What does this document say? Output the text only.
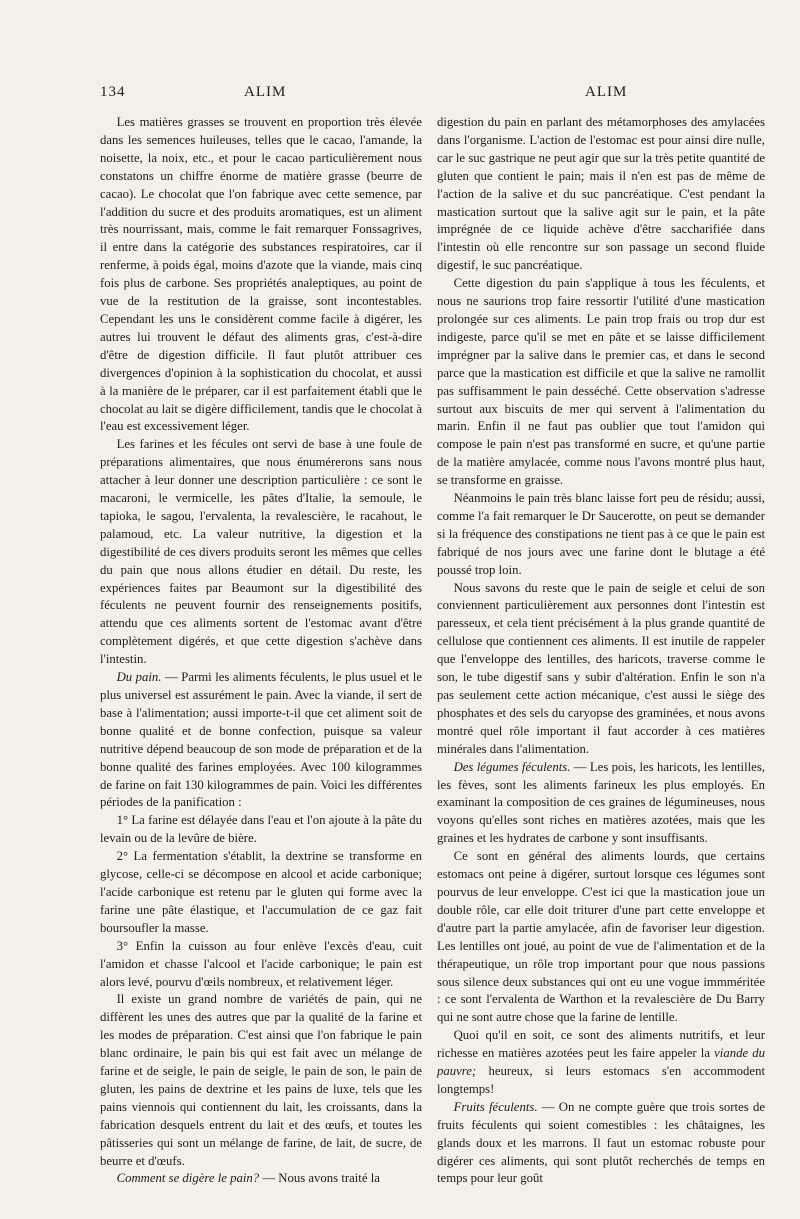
134	ALIM	ALIM

Les matières grasses se trouvent en proportion très élevée dans les semences huileuses, telles que le cacao, l'amande, la noisette, la noix, etc., et pour le cacao particulièrement nous constatons un chiffre énorme de matière grasse (beurre de cacao). Le chocolat que l'on fabrique avec cette semence, par l'addition du sucre et des produits aromatiques, est un aliment très nourrissant, mais, comme le fait remarquer Fonssagrives, il entre dans la catégorie des substances respiratoires, car il renferme, à poids égal, moins d'azote que la viande, mais cinq fois plus de carbone. Ses propriétés analeptiques, au point de vue de la restitution de la graisse, sont incontestables. Cependant les uns le considèrent comme facile à digérer, les autres lui trouvent le défaut des aliments gras, c'est-à-dire d'être de digestion difficile. Il faut plutôt attribuer ces divergences d'opinion à la sophistication du chocolat, et aussi à la manière de le préparer, car il est parfaitement établi que le chocolat au lait se digère difficilement, tandis que le chocolat à l'eau est excessivement léger.

Les farines et les fécules ont servi de base à une foule de préparations alimentaires, que nous énumérerons sans nous attacher à leur donner une description particulière : ce sont le macaroni, le vermicelle, les pâtes d'Italie, la semoule, le tapioka, le sagou, l'ervalenta, la revalescière, le racahout, le palamoud, etc. La valeur nutritive, la digestion et la digestibilité de ces divers produits seront les mêmes que celles du pain que nous allons étudier en détail. Du reste, les expériences faites par Beaumont sur la digestibilité des féculents ne peuvent fournir des renseignements positifs, attendu que ces aliments sortent de l'estomac avant d'être complètement digérés, et que cette digestion s'achève dans l'intestin.

Du pain. — Parmi les aliments féculents, le plus usuel et le plus universel est assurément le pain. Avec la viande, il sert de base à l'alimentation; aussi importe-t-il que cet aliment soit de bonne qualité et de bonne confection, puisque sa valeur nutritive dépend beaucoup de son mode de préparation et de la bonne qualité des farines employées. Avec 100 kilogrammes de farine on fait 130 kilogrammes de pain. Voici les différentes périodes de la panification :

1° La farine est délayée dans l'eau et l'on ajoute à la pâte du levain ou de la levûre de bière.

2° La fermentation s'établit, la dextrine se transforme en glycose, celle-ci se décompose en alcool et acide carbonique; l'acide carbonique est retenu par le gluten qui forme avec la farine une pâte élastique, et l'accumulation de ce gaz fait boursoufler la masse.

3° Enfin la cuisson au four enlève l'excès d'eau, cuit l'amidon et chasse l'alcool et l'acide carbonique; le pain est alors levé, pourvu d'œils nombreux, et relativement léger.

Il existe un grand nombre de variétés de pain, qui ne diffèrent les unes des autres que par la qualité de la farine et les modes de préparation. C'est ainsi que l'on fabrique le pain blanc ordinaire, le pain bis qui est fait avec un mélange de farine et de seigle, le pain de seigle, le pain de son, le pain de gluten, les pains de dextrine et les pains de luxe, tels que les pains viennois qui contiennent du lait, les croissants, dans la fabrication desquels entrent du lait et des œufs, et toutes les pâtisseries qui sont un mélange de farine, de lait, de sucre, de beurre et d'œufs.

Comment se digère le pain? — Nous avons traité la

digestion du pain en parlant des métamorphoses des amylacées dans l'organisme. L'action de l'estomac est pour ainsi dire nulle, car le suc gastrique ne peut agir que sur la très petite quantité de gluten que contient le pain; mais il n'en est pas de même de l'action de la salive et du suc pancréatique. C'est pendant la mastication surtout que la salive agit sur le pain, et la pâte imprégnée de ce liquide achève d'être saccharifiée dans l'intestin où elle rencontre sur son passage un second fluide digestif, le suc pancréatique.

Cette digestion du pain s'applique à tous les féculents, et nous ne saurions trop faire ressortir l'utilité d'une mastication prolongée sur ces aliments. Le pain trop frais ou trop dur est indigeste, parce qu'il se met en pâte et se laisse difficilement imprégner par la salive dans le premier cas, et dans le second parce que la mastication est difficile et que la salive ne ramollit pas suffisamment le pain desséché. Cette observation s'adresse surtout aux biscuits de mer qui servent à l'alimentation du marin. Enfin il ne faut pas oublier que tout l'amidon qui compose le pain n'est pas transformé en sucre, et qu'une partie de la matière amylacée, comme nous l'avons montré plus haut, se transforme en graisse.

Néanmoins le pain très blanc laisse fort peu de résidu; aussi, comme l'a fait remarquer le Dr Saucerotte, on peut se demander si la fréquence des constipations ne tient pas à ce que le pain est fabriqué de nos jours avec une farine dont le blutage a été poussé trop loin.

Nous savons du reste que le pain de seigle et celui de son conviennent particulièrement aux personnes dont l'intestin est paresseux, et cela tient précisément à la plus grande quantité de cellulose que contiennent ces aliments. Il est inutile de rappeler que l'enveloppe des lentilles, des haricots, traverse comme le son, le tube digestif sans y subir d'altération. Enfin le son n'a pas seulement cette action mécanique, c'est aussi le siège des phosphates et des sels du caryopse des graminées, et nous avons montré quel rôle important il faut accorder à ces matières minérales dans l'alimentation.

Des légumes féculents. — Les pois, les haricots, les lentilles, les fèves, sont les aliments farineux les plus employés. En examinant la composition de ces graines de légumineuses, nous voyons qu'elles sont riches en matières azotées, mais que les graines et les hydrates de carbone y sont insuffisants.

Ce sont en général des aliments lourds, que certains estomacs ont peine à digérer, surtout lorsque ces légumes sont pourvus de leur enveloppe. C'est ici que la mastication joue un double rôle, car elle doit triturer d'une part cette enveloppe et d'autre part la partie amylacée, afin de favoriser leur digestion. Les lentilles ont joué, au point de vue de l'alimentation et de la thérapeutique, un rôle trop important pour que nous passions sous silence deux substances qui ont eu une vogue immméritée : ce sont l'ervalenta de Warthon et la revalescière de Du Barry qui ne sont autre chose que la farine de lentille.

Quoi qu'il en soit, ce sont des aliments nutritifs, et leur richesse en matières azotées peut les faire appeler la viande du pauvre; heureux, si leurs estomacs s'en accommodent longtemps!

Fruits féculents. — On ne compte guère que trois sortes de fruits féculents qui soient comestibles : les châtaignes, les glands doux et les marrons. Il faut un estomac robuste pour digérer ces aliments, qui sont plutôt recherchés de temps en temps pour leur goût
